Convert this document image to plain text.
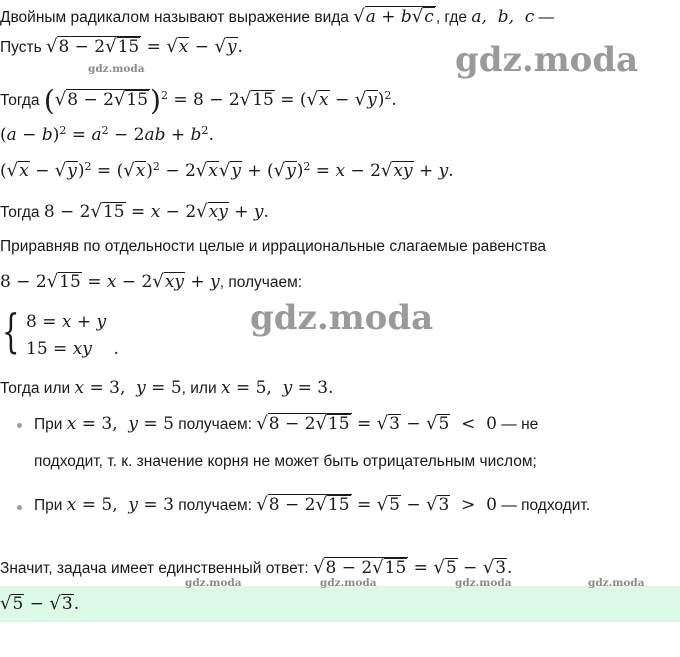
Двойным радикалом называют выражение вида √a + b√c , где a,  b,  c —
Пусть √8 − 2√15 = √x − √y.
Тогда $(√8 - 2√15)^2 = 8 - 2√15 = (√x - √y)^2$.
$(a - b)^2 = a^2 - 2ab + b^2$.
$(√x - √y)^2 = (√x)^2 - 2√x√y + (√y)^2 = x - 2√xy + y$.
Тогда 8 − 2√15 = x − 2√xy + y.
Приравняв по отдельности целые и иррациональные слагаемые равенства
8 − 2√15 = x − 2√xy + y, получаем:
{ 8 = x + y
15 = xy    .
Тогда или x = 3,  y = 5, или x = 5,  y = 3.
При x = 3,  y = 5 получаем: √8 − 2√15 = √3 − √5  <  0 — не
подходит, т. к. значение корня не может быть отрицательным числом;
При x = 5,  y = 3 получаем: √8 − 2√15 = √5 − √3  >  0 — подходит.
Значит, задача имеет единственный ответ: √8 − 2√15 = √5 − √3.
√5 − √3.
gdz.moda
gdz.moda
gdz.moda
gdz.moda	gdz.moda	gdz.moda	gdz.moda
